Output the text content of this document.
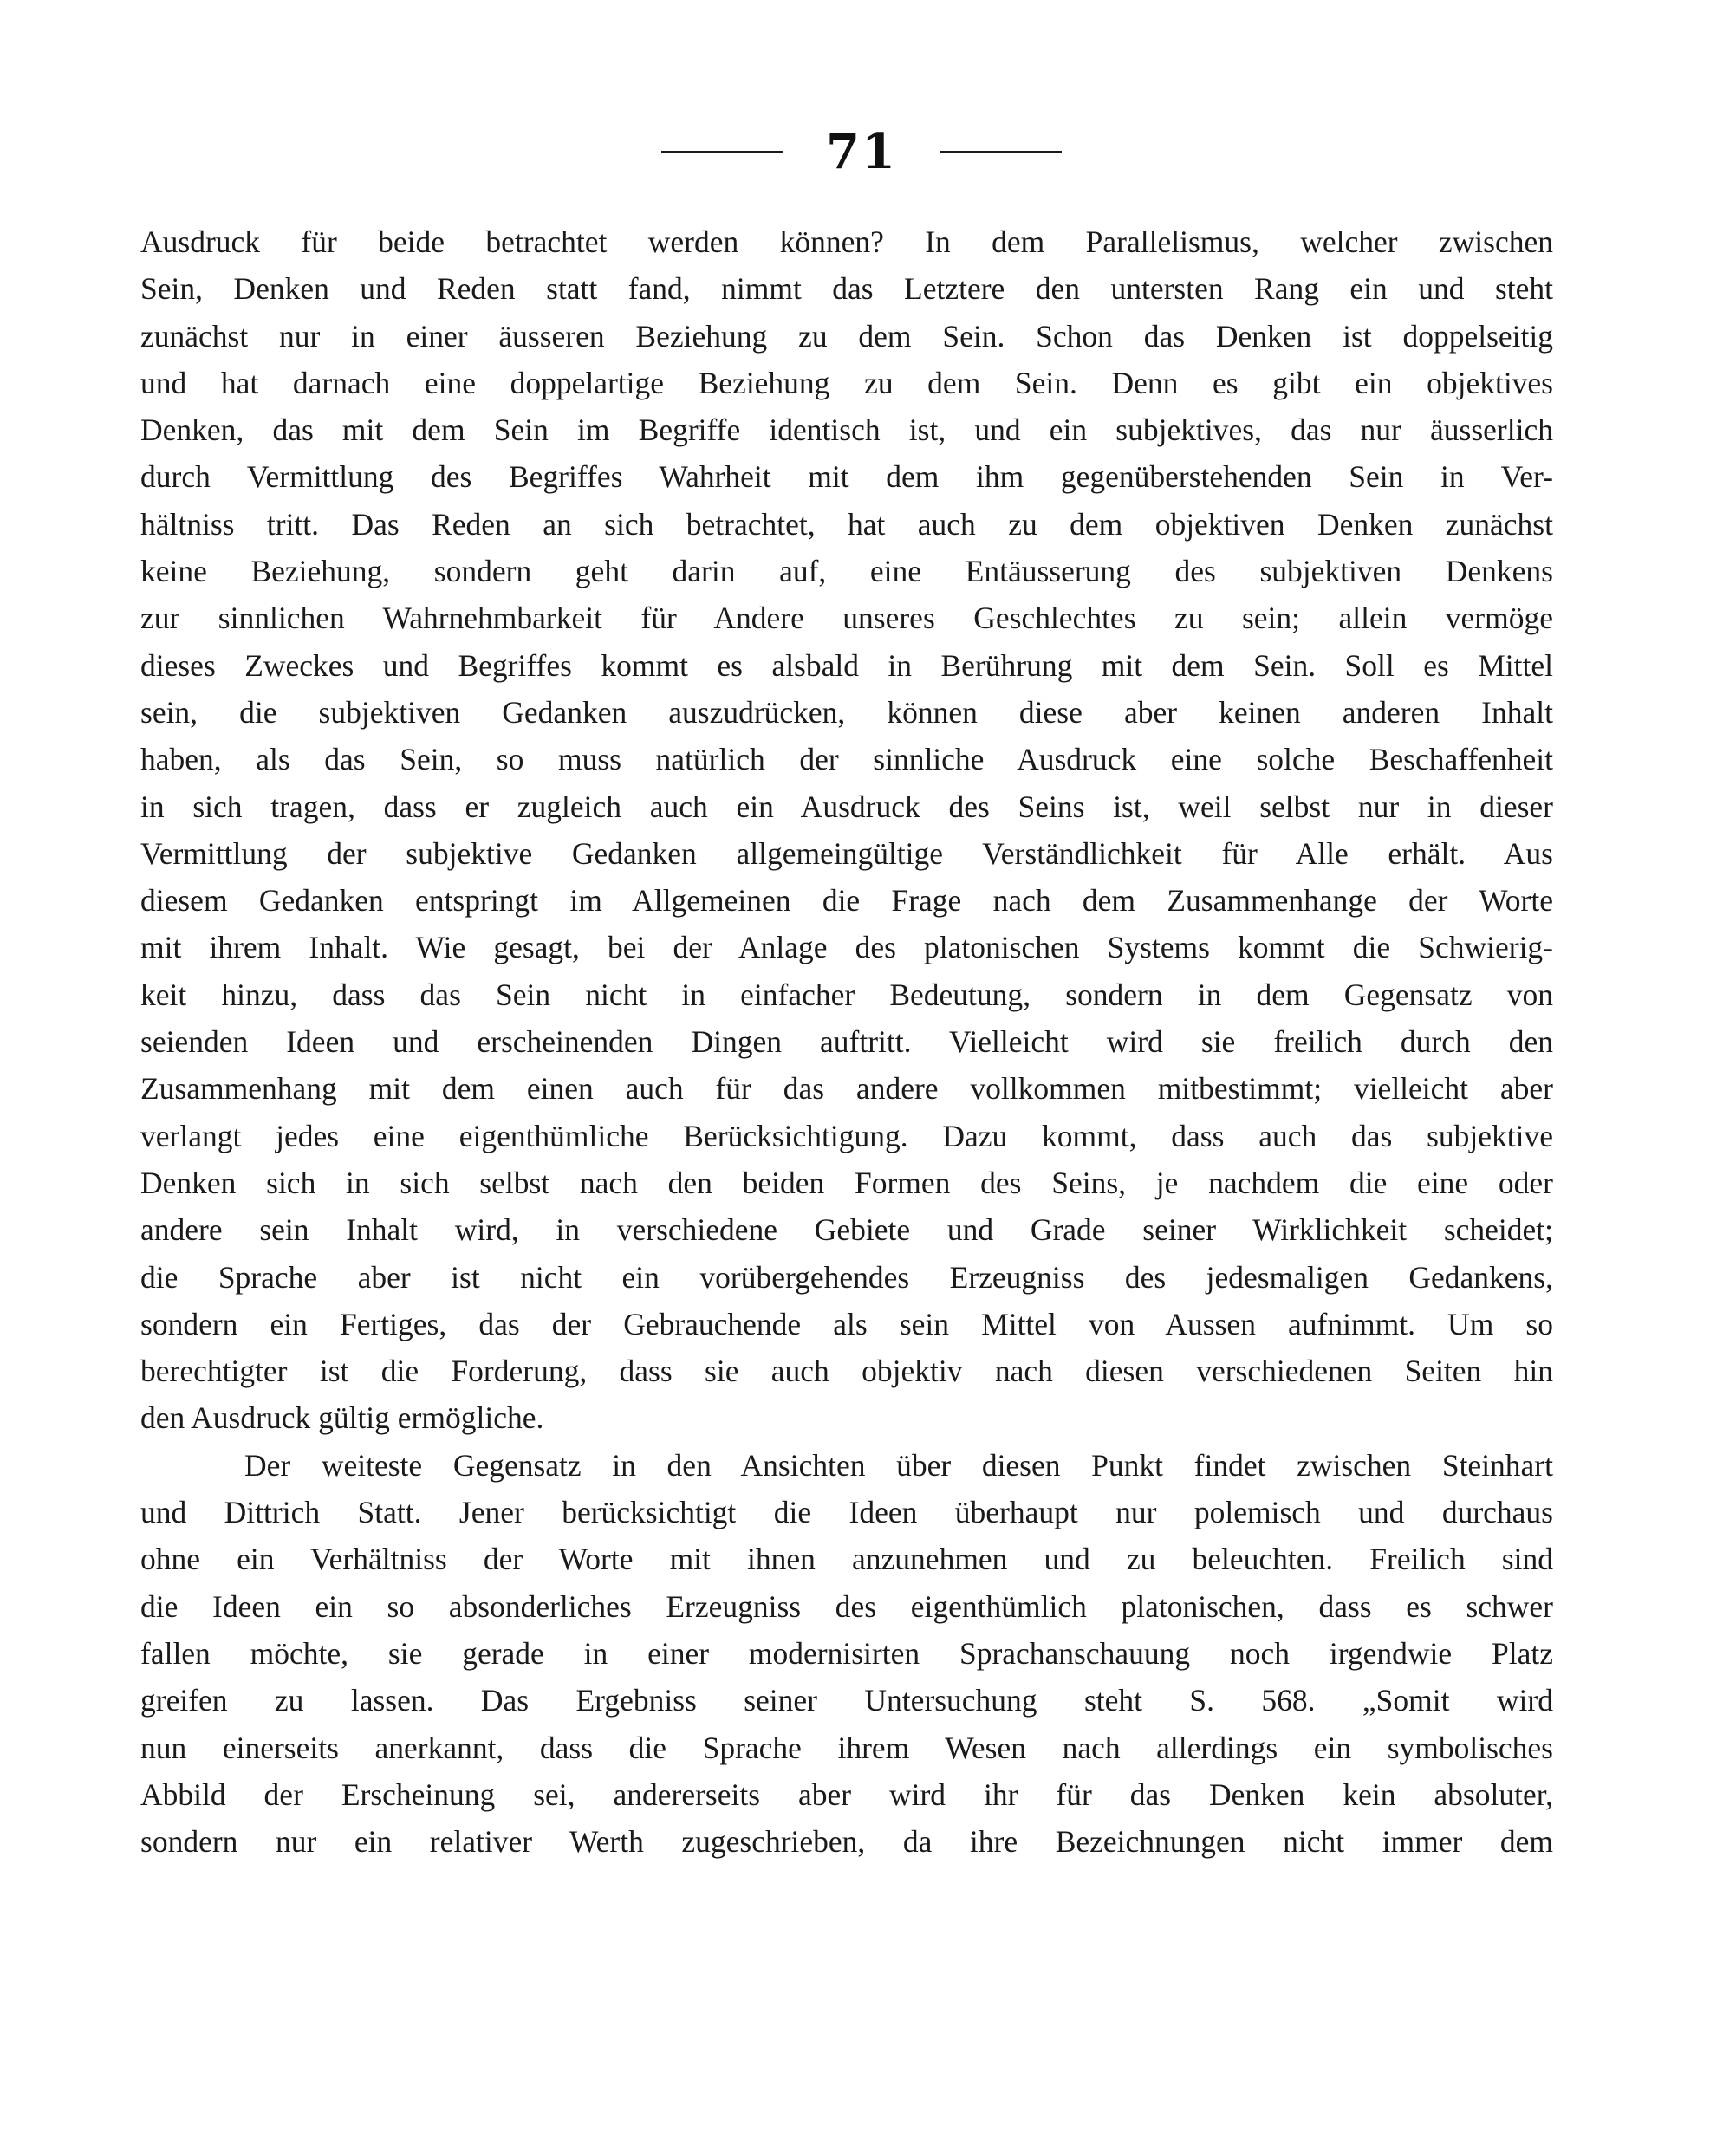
71
Ausdruck für beide betrachtet werden können? In dem Parallelismus, welcher zwischen
Sein, Denken und Reden statt fand, nimmt das Letztere den untersten Rang ein und steht
zunächst nur in einer äusseren Beziehung zu dem Sein. Schon das Denken ist doppelseitig
und hat darnach eine doppelartige Beziehung zu dem Sein. Denn es gibt ein objektives
Denken, das mit dem Sein im Begriffe identisch ist, und ein subjektives, das nur äusserlich
durch Vermittlung des Begriffes Wahrheit mit dem ihm gegenüberstehenden Sein in Ver-
hältniss tritt. Das Reden an sich betrachtet, hat auch zu dem objektiven Denken zunächst
keine Beziehung, sondern geht darin auf, eine Entäusserung des subjektiven Denkens
zur sinnlichen Wahrnehmbarkeit für Andere unseres Geschlechtes zu sein; allein vermöge
dieses Zweckes und Begriffes kommt es alsbald in Berührung mit dem Sein. Soll es Mittel
sein, die subjektiven Gedanken auszudrücken, können diese aber keinen anderen Inhalt
haben, als das Sein, so muss natürlich der sinnliche Ausdruck eine solche Beschaffenheit
in sich tragen, dass er zugleich auch ein Ausdruck des Seins ist, weil selbst nur in dieser
Vermittlung der subjektive Gedanken allgemeingültige Verständlichkeit für Alle erhält. Aus
diesem Gedanken entspringt im Allgemeinen die Frage nach dem Zusammenhange der Worte
mit ihrem Inhalt. Wie gesagt, bei der Anlage des platonischen Systems kommt die Schwierig-
keit hinzu, dass das Sein nicht in einfacher Bedeutung, sondern in dem Gegensatz von
seienden Ideen und erscheinenden Dingen auftritt. Vielleicht wird sie freilich durch den
Zusammenhang mit dem einen auch für das andere vollkommen mitbestimmt; vielleicht aber
verlangt jedes eine eigenthümliche Berücksichtigung. Dazu kommt, dass auch das subjektive
Denken sich in sich selbst nach den beiden Formen des Seins, je nachdem die eine oder
andere sein Inhalt wird, in verschiedene Gebiete und Grade seiner Wirklichkeit scheidet;
die Sprache aber ist nicht ein vorübergehendes Erzeugniss des jedesmaligen Gedankens,
sondern ein Fertiges, das der Gebrauchende als sein Mittel von Aussen aufnimmt. Um so
berechtigter ist die Forderung, dass sie auch objektiv nach diesen verschiedenen Seiten hin
den Ausdruck gültig ermögliche.
Der weiteste Gegensatz in den Ansichten über diesen Punkt findet zwischen Steinhart
und Dittrich Statt. Jener berücksichtigt die Ideen überhaupt nur polemisch und durchaus
ohne ein Verhältniss der Worte mit ihnen anzunehmen und zu beleuchten. Freilich sind
die Ideen ein so absonderliches Erzeugniss des eigenthümlich platonischen, dass es schwer
fallen möchte, sie gerade in einer modernisirten Sprachanschauung noch irgendwie Platz
greifen zu lassen. Das Ergebniss seiner Untersuchung steht S. 568. „Somit wird
nun einerseits anerkannt, dass die Sprache ihrem Wesen nach allerdings ein symbolisches
Abbild der Erscheinung sei, andererseits aber wird ihr für das Denken kein absoluter,
sondern nur ein relativer Werth zugeschrieben, da ihre Bezeichnungen nicht immer dem
